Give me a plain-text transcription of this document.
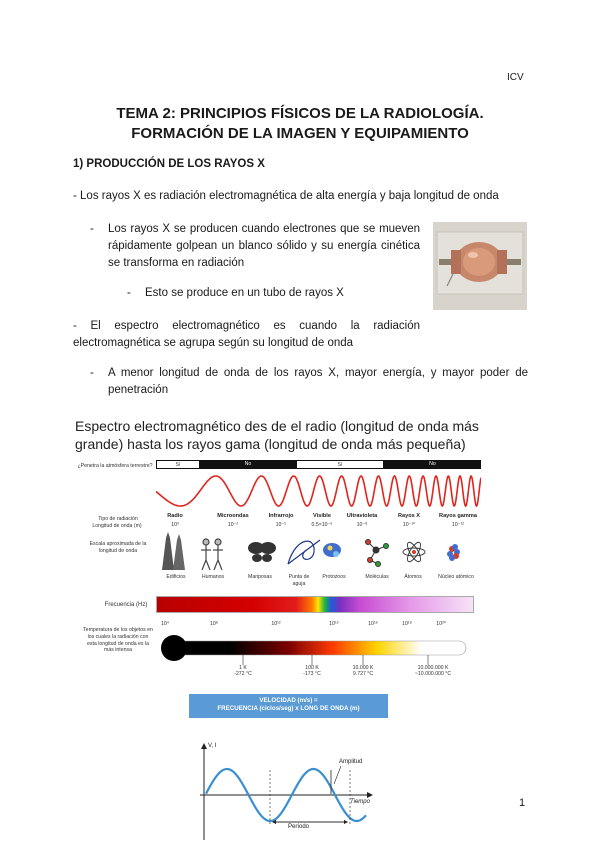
ICV
TEMA 2: PRINCIPIOS FÍSICOS DE LA RADIOLOGÍA.
FORMACIÓN DE LA IMAGEN Y EQUIPAMIENTO
1) PRODUCCIÓN DE LOS RAYOS X
- Los rayos X es radiación electromagnética de alta energía y baja longitud de onda
-	Los rayos X se producen cuando electrones que se mueven rápidamente golpean un blanco sólido y su energía cinética se transforma en radiación
-	Esto se produce en un tubo de rayos X
- El espectro electromagnético es cuando la radiación electromagnética se agrupa según su longitud de onda
-	A menor longitud de onda de los rayos X, mayor energía, y mayor poder de penetración
Espectro electromagnético des de el radio (longitud de onda más
grande) hasta los rayos gama (longitud de onda más pequeña)
¿Penetra la atmósfera terrestre?	Sí	No	Sí	No
Tipo de radiación
Longitud de onda (m)
Escala aproximada de la longitud de onda
Radio	Microondas	Infrarrojo	Visible	Ultravioleta	Rayos X	Rayos gamma
10³	10⁻²	10⁻⁵	0.5×10⁻⁶	10⁻⁸	10⁻¹⁰	10⁻¹²
Edificios	Humanos	Mariposas	Punta de aguja
Protozoos	Moléculas	Átomos	Núcleo atómico
Frecuencia (Hz)
10⁴	10⁸	10¹²	10¹⁵	10¹⁶	10¹⁸	10²⁰
Temperatura de los objetos en los cuales la radiación con esta longitud de onda es la más intensa
1 K
-272 °C
100 K
-173 °C
10.000 K
9.727 °C
10.000.000 K
~10.000.000 °C
VELOCIDAD (m/s) =
FRECUENCIA (ciclos/seg) x LONG DE ONDA (m)
V, I
Amplitud
Tiempo
Período
1
